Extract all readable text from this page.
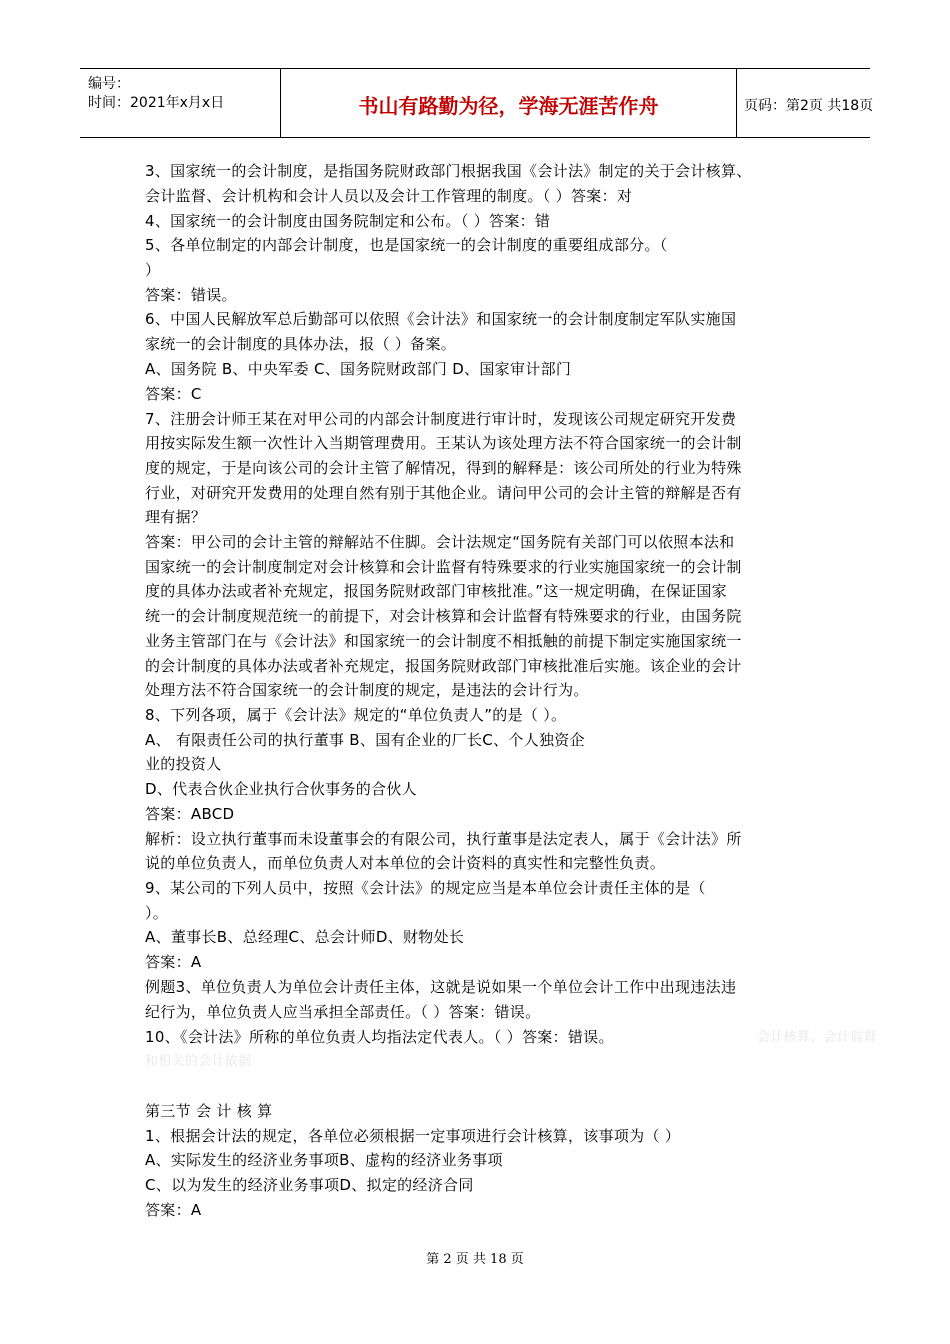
编号：
时间：2021年x月x日	书山有路勤为径，学海无涯苦作舟	页码：第2页 共18页
3、国家统一的会计制度，是指国务院财政部门根据我国《会计法》制定的关于会计核算、
会计监督、会计机构和会计人员以及会计工作管理的制度。（ ）答案：对
4、国家统一的会计制度由国务院制定和公布。（ ）答案：错
5、各单位制定的内部会计制度，也是国家统一的会计制度的重要组成部分。（
）
答案：错误。
6、中国人民解放军总后勤部可以依照《会计法》和国家统一的会计制度制定军队实施国
家统一的会计制度的具体办法，报（ ）备案。
A、国务院 B、中央军委 C、国务院财政部门 D、国家审计部门
答案：C
7、注册会计师王某在对甲公司的内部会计制度进行审计时，发现该公司规定研究开发费
用按实际发生额一次性计入当期管理费用。王某认为该处理方法不符合国家统一的会计制
度的规定，于是向该公司的会计主管了解情况，得到的解释是：该公司所处的行业为特殊
行业，对研究开发费用的处理自然有别于其他企业。请问甲公司的会计主管的辩解是否有
理有据？
答案：甲公司的会计主管的辩解站不住脚。会计法规定“国务院有关部门可以依照本法和
国家统一的会计制度制定对会计核算和会计监督有特殊要求的行业实施国家统一的会计制
度的具体办法或者补充规定，报国务院财政部门审核批准。”这一规定明确，在保证国家
统一的会计制度规范统一的前提下，对会计核算和会计监督有特殊要求的行业，由国务院
业务主管部门在与《会计法》和国家统一的会计制度不相抵触的前提下制定实施国家统一
的会计制度的具体办法或者补充规定，报国务院财政部门审核批准后实施。该企业的会计
处理方法不符合国家统一的会计制度的规定，是违法的会计行为。
8、下列各项，属于《会计法》规定的“单位负责人”的是（ ）。
A、 有限责任公司的执行董事 B、国有企业的厂长C、个人独资企
业的投资人
D、代表合伙企业执行合伙事务的合伙人
答案：ABCD
解析：设立执行董事而未设董事会的有限公司，执行董事是法定表人，属于《会计法》所
说的单位负责人，而单位负责人对本单位的会计资料的真实性和完整性负责。
9、某公司的下列人员中，按照《会计法》的规定应当是本单位会计责任主体的是（
）。
A、董事长B、总经理C、总会计师D、财物处长
答案：A
例题3、单位负责人为单位会计责任主体，这就是说如果一个单位会计工作中出现违法违
纪行为，单位负责人应当承担全部责任。（ ）答案：错误。
10、《会计法》所称的单位负责人均指法定代表人。（ ）答案：错误。
第三节 会 计 核 算
1、根据会计法的规定，各单位必须根据一定事项进行会计核算，该事项为（ ）
A、实际发生的经济业务事项B、虚构的经济业务事项
C、以为发生的经济业务事项D、拟定的经济合同
答案：A
会计核算、会计监督
和相关的会计依据
第 2 页 共 18 页
